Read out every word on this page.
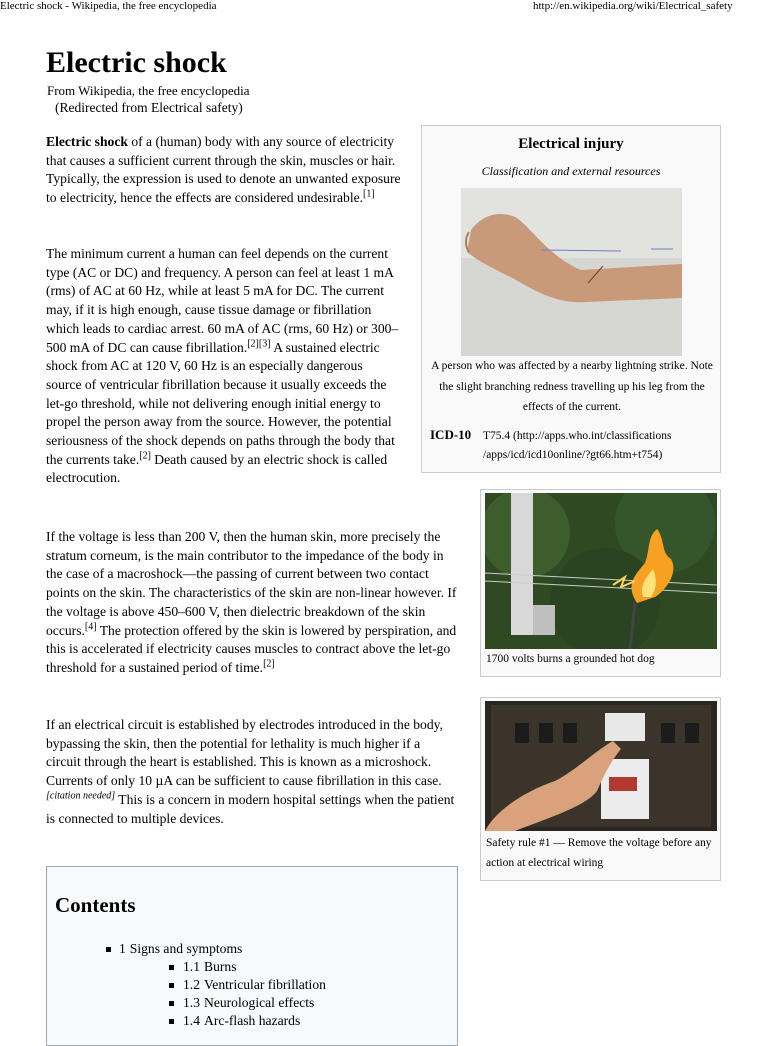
Electric shock - Wikipedia, the free encyclopedia	http://en.wikipedia.org/wiki/Electrical_safety
Electric shock
From Wikipedia, the free encyclopedia
(Redirected from Electrical safety)

Electric shock of a (human) body with any source of electricity that causes a sufficient current through the skin, muscles or hair. Typically, the expression is used to denote an unwanted exposure to electricity, hence the effects are considered undesirable.[1]

The minimum current a human can feel depends on the current type (AC or DC) and frequency. A person can feel at least 1 mA (rms) of AC at 60 Hz, while at least 5 mA for DC. The current may, if it is high enough, cause tissue damage or fibrillation which leads to cardiac arrest. 60 mA of AC (rms, 60 Hz) or 300–500 mA of DC can cause fibrillation.[2][3] A sustained electric shock from AC at 120 V, 60 Hz is an especially dangerous source of ventricular fibrillation because it usually exceeds the let-go threshold, while not delivering enough initial energy to propel the person away from the source. However, the potential seriousness of the shock depends on paths through the body that the currents take.[2] Death caused by an electric shock is called electrocution.

If the voltage is less than 200 V, then the human skin, more precisely the stratum corneum, is the main contributor to the impedance of the body in the case of a macroshock—the passing of current between two contact points on the skin. The characteristics of the skin are non-linear however. If the voltage is above 450–600 V, then dielectric breakdown of the skin occurs.[4] The protection offered by the skin is lowered by perspiration, and this is accelerated if electricity causes muscles to contract above the let-go threshold for a sustained period of time.[2]

If an electrical circuit is established by electrodes introduced in the body, bypassing the skin, then the potential for lethality is much higher if a circuit through the heart is established. This is known as a microshock. Currents of only 10 µA can be sufficient to cause fibrillation in this case.[citation needed] This is a concern in modern hospital settings when the patient is connected to multiple devices.

Electrical injury
Classification and external resources
A person who was affected by a nearby lightning strike. Note the slight branching redness travelling up his leg from the effects of the current.
ICD-10 T75.4 (http://apps.who.int/classifications /apps/icd/icd10online/?gt66.htm+t754)
1700 volts burns a grounded hot dog
Safety rule #1 — Remove the voltage before any action at electrical wiring
Contents
1 Signs and symptoms
1.1 Burns
1.2 Ventricular fibrillation
1.3 Neurological effects
1.4 Arc-flash hazards
